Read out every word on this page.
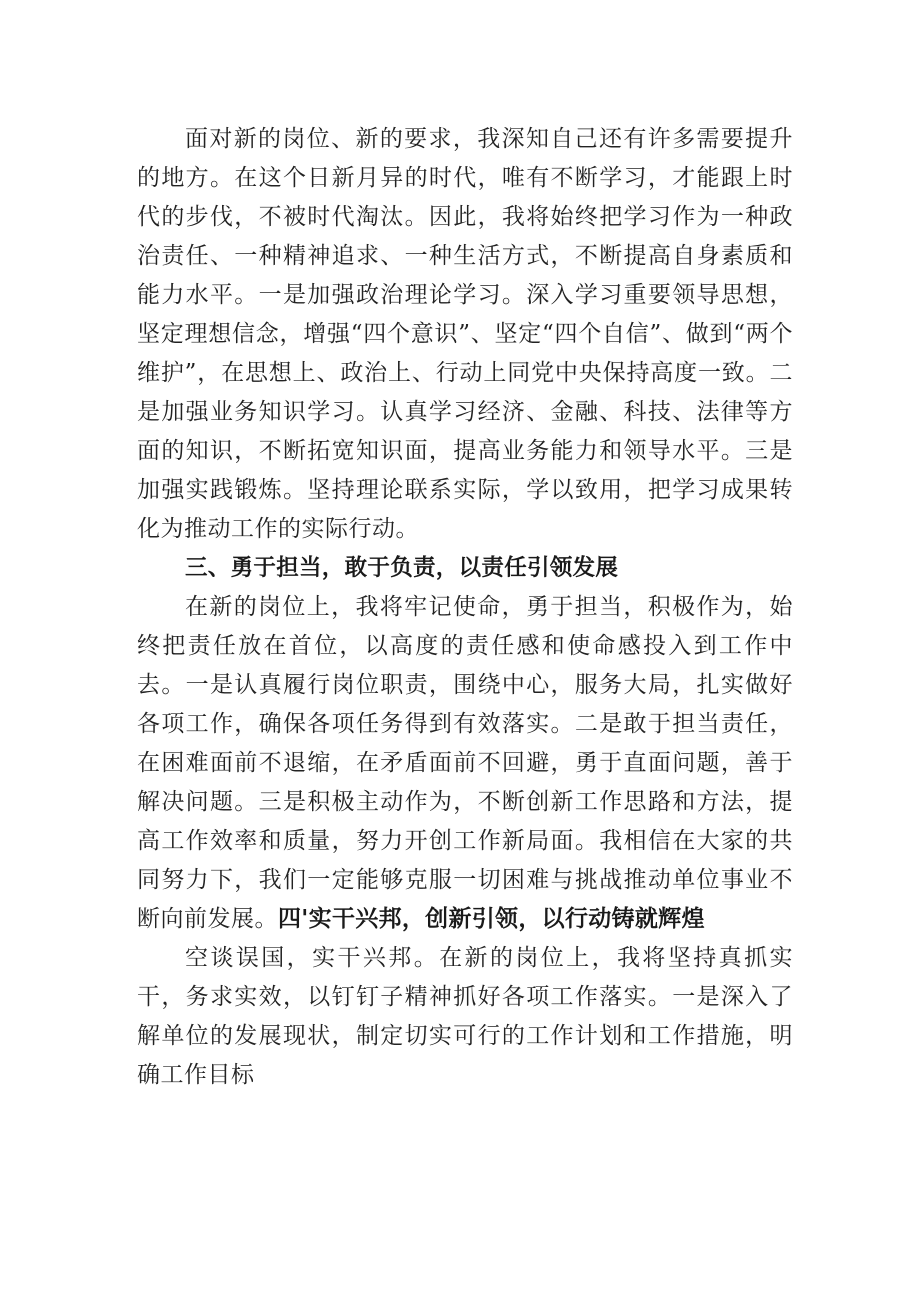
面对新的岗位、新的要求，我深知自己还有许多需要提升的地方。在这个日新月异的时代，唯有不断学习，才能跟上时代的步伐，不被时代淘汰。因此，我将始终把学习作为一种政治责任、一种精神追求、一种生活方式，不断提高自身素质和能力水平。一是加强政治理论学习。深入学习重要领导思想，坚定理想信念，增强“四个意识”、坚定“四个自信”、做到“两个维护”，在思想上、政治上、行动上同党中央保持高度一致。二是加强业务知识学习。认真学习经济、金融、科技、法律等方面的知识，不断拓宽知识面，提高业务能力和领导水平。三是加强实践锻炼。坚持理论联系实际，学以致用，把学习成果转化为推动工作的实际行动。

三、勇于担当，敢于负责，以责任引领发展

在新的岗位上，我将牢记使命，勇于担当，积极作为，始终把责任放在首位，以高度的责任感和使命感投入到工作中去。一是认真履行岗位职责，围绕中心，服务大局，扎实做好各项工作，确保各项任务得到有效落实。二是敢于担当责任，在困难面前不退缩，在矛盾面前不回避，勇于直面问题，善于解决问题。三是积极主动作为，不断创新工作思路和方法，提高工作效率和质量，努力开创工作新局面。我相信在大家的共同努力下，我们一定能够克服一切困难与挑战推动单位事业不断向前发展。四'实干兴邦，创新引领，以行动铸就辉煌

空谈误国，实干兴邦。在新的岗位上，我将坚持真抓实干，务求实效，以钉钉子精神抓好各项工作落实。一是深入了解单位的发展现状，制定切实可行的工作计划和工作措施，明确工作目标
